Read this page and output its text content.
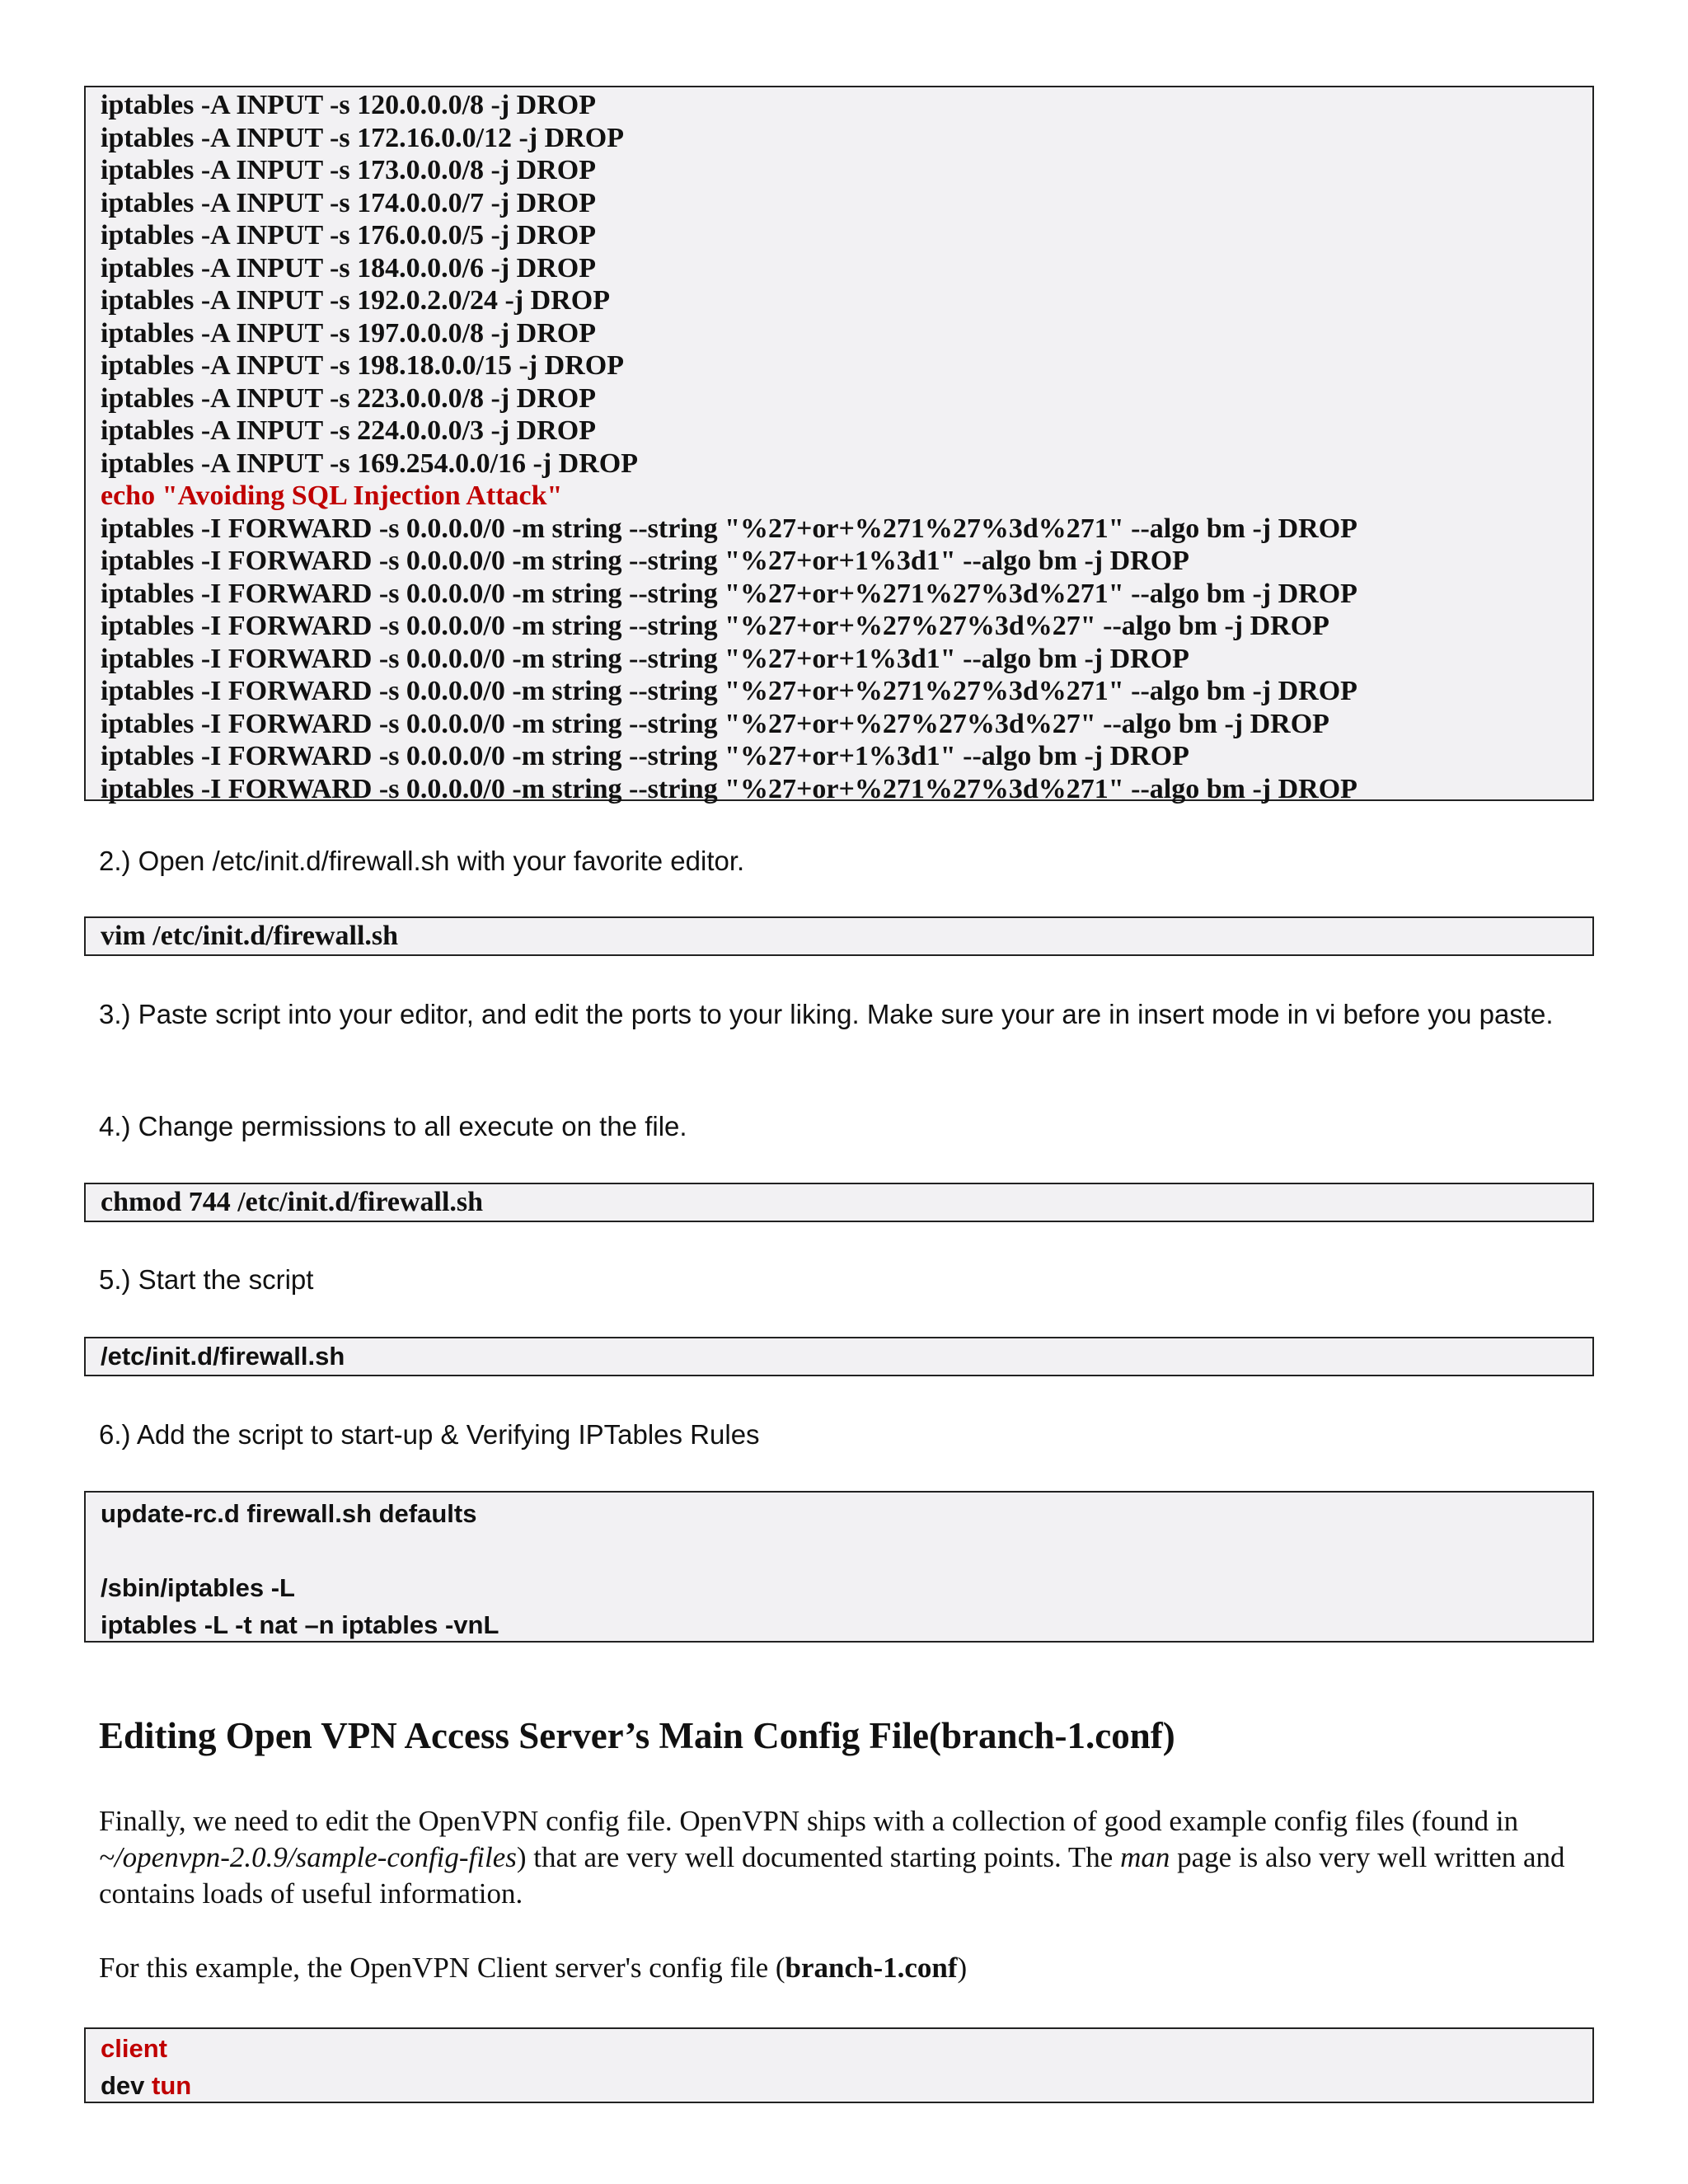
iptables -A INPUT -s 120.0.0.0/8 -j DROP
iptables -A INPUT -s 172.16.0.0/12 -j DROP
iptables -A INPUT -s 173.0.0.0/8 -j DROP
iptables -A INPUT -s 174.0.0.0/7 -j DROP
iptables -A INPUT -s 176.0.0.0/5 -j DROP
iptables -A INPUT -s 184.0.0.0/6 -j DROP
iptables -A INPUT -s 192.0.2.0/24 -j DROP
iptables -A INPUT -s 197.0.0.0/8 -j DROP
iptables -A INPUT -s 198.18.0.0/15 -j DROP
iptables -A INPUT -s 223.0.0.0/8 -j DROP
iptables -A INPUT -s 224.0.0.0/3 -j DROP
iptables -A INPUT -s 169.254.0.0/16 -j DROP
echo "Avoiding SQL Injection Attack"
iptables -I FORWARD -s 0.0.0.0/0 -m string --string "%27+or+%271%27%3d%271" --algo bm -j DROP
iptables -I FORWARD -s 0.0.0.0/0 -m string --string "%27+or+1%3d1" --algo bm -j DROP
iptables -I FORWARD -s 0.0.0.0/0 -m string --string "%27+or+%271%27%3d%271" --algo bm -j DROP
iptables -I FORWARD -s 0.0.0.0/0 -m string --string "%27+or+%27%27%3d%27" --algo bm -j DROP
iptables -I FORWARD -s 0.0.0.0/0 -m string --string "%27+or+1%3d1" --algo bm -j DROP
iptables -I FORWARD -s 0.0.0.0/0 -m string --string "%27+or+%271%27%3d%271" --algo bm -j DROP
iptables -I FORWARD -s 0.0.0.0/0 -m string --string "%27+or+%27%27%3d%27" --algo bm -j DROP
iptables -I FORWARD -s 0.0.0.0/0 -m string --string "%27+or+1%3d1" --algo bm -j DROP
iptables -I FORWARD -s 0.0.0.0/0 -m string --string "%27+or+%271%27%3d%271" --algo bm -j DROP
2.) Open /etc/init.d/firewall.sh with your favorite editor.
vim /etc/init.d/firewall.sh
3.) Paste script into your editor, and edit the ports to your liking. Make sure your are in insert mode in vi before you paste.
4.) Change permissions to all execute on the file.
chmod 744 /etc/init.d/firewall.sh
5.) Start the script
/etc/init.d/firewall.sh
6.) Add the script to start-up & Verifying IPTables Rules
update-rc.d firewall.sh defaults

/sbin/iptables -L
iptables -L -t nat –n iptables -vnL
Editing Open VPN Access Server’s Main Config File(branch-1.conf)
Finally, we need to edit the OpenVPN config file. OpenVPN ships with a collection of good example config files (found in ~/openvpn-2.0.9/sample-config-files) that are very well documented starting points. The man page is also very well written and contains loads of useful information.
For this example, the OpenVPN Client server's config file (branch-1.conf)
client
dev tun
